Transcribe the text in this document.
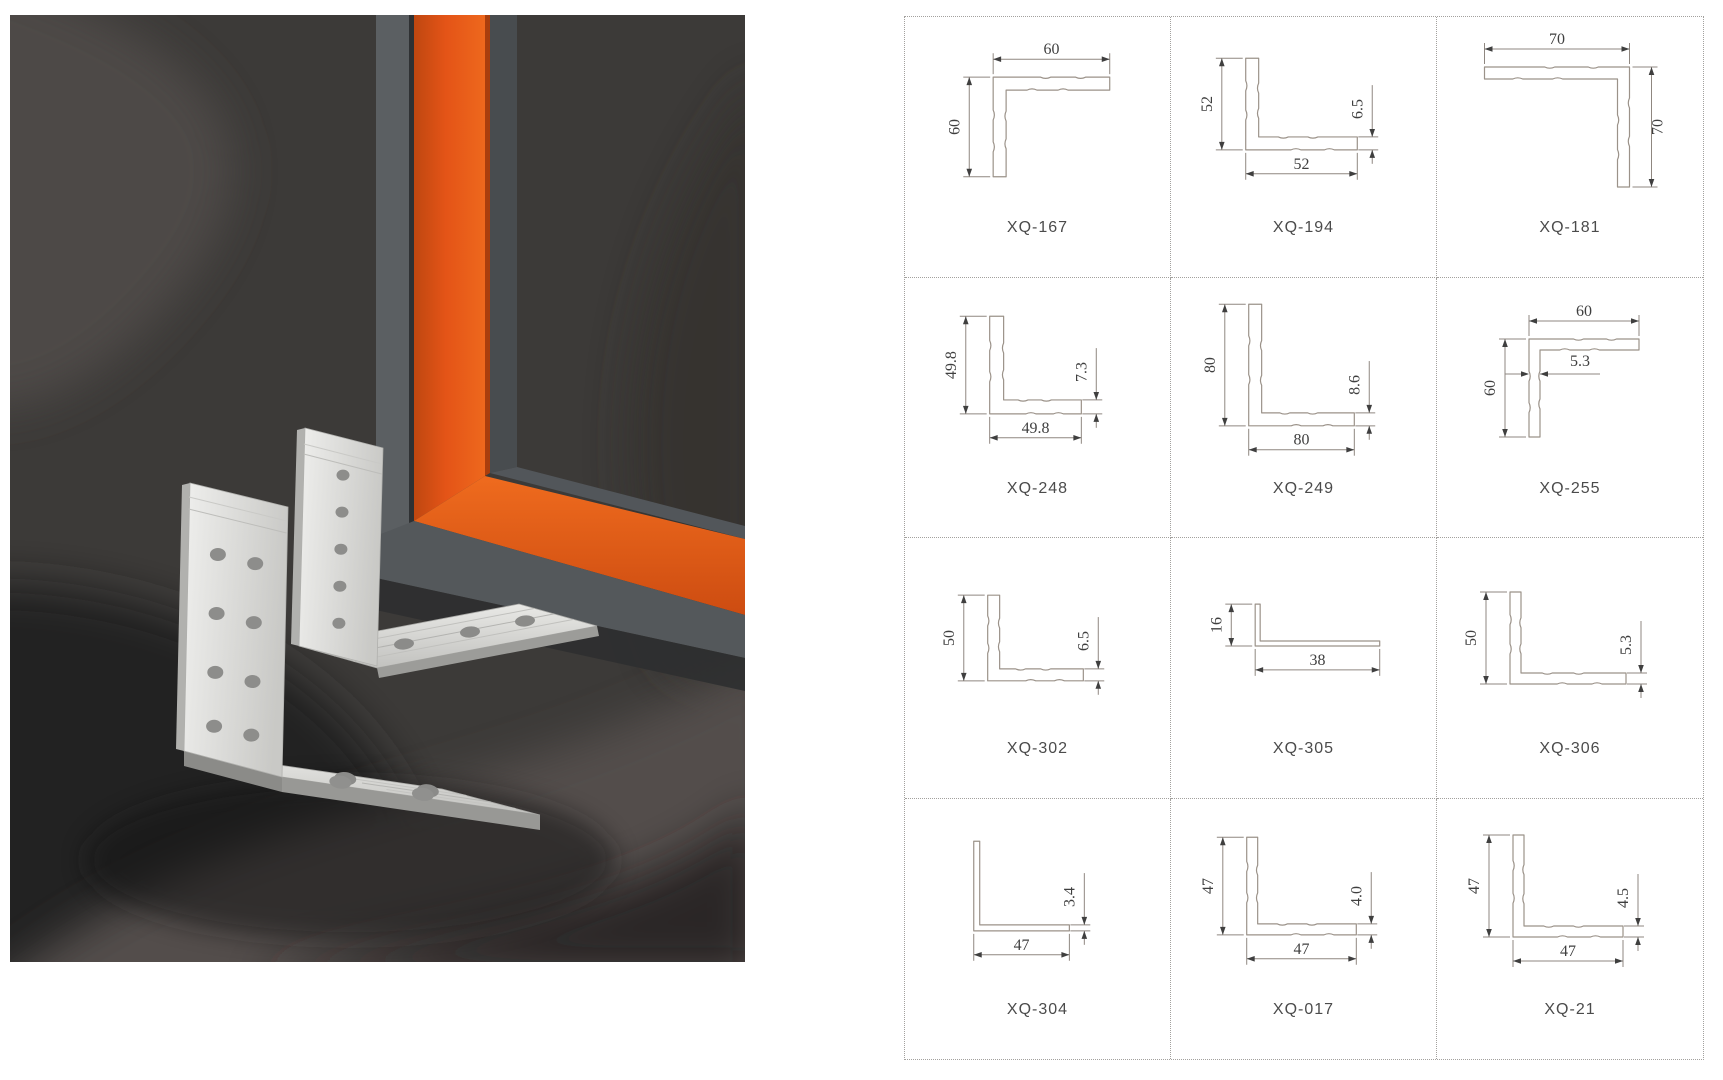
60
60
XQ-167
52
52
6.5
XQ-194
70
70
XQ-181
49.8
49.8
7.3
XQ-248
80
80
8.6
XQ-249
60
60
5.3
XQ-255
50	6.5
XQ-302
16
38
XQ-305
50	5.3
XQ-306
47
3.4
XQ-304
47
47
4.0
XQ-017
47
47
4.5
XQ-21
